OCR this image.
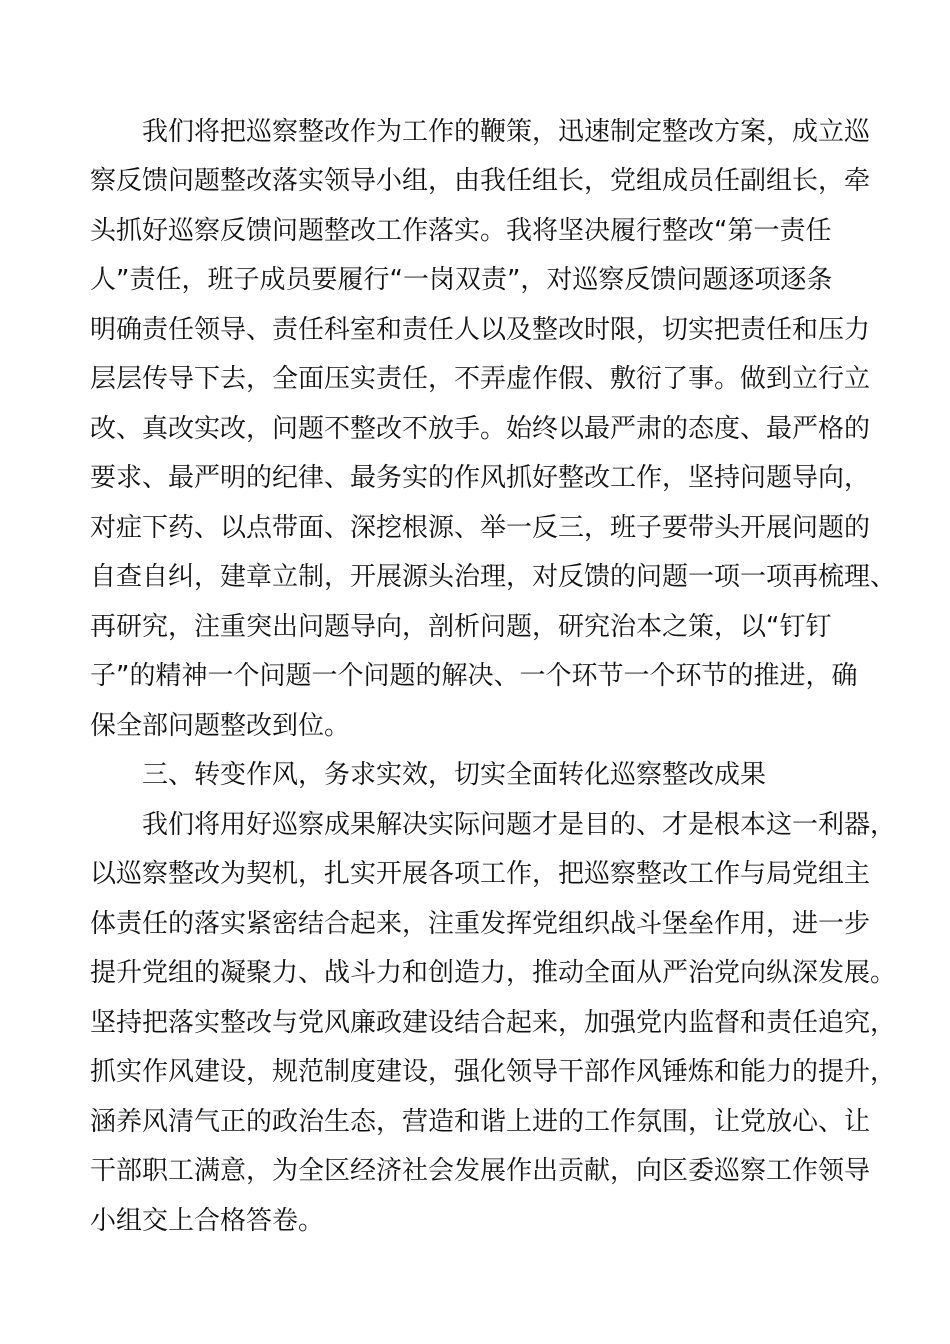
我们将把巡察整改作为工作的鞭策，迅速制定整改方案，成立巡
察反馈问题整改落实领导小组，由我任组长，党组成员任副组长，牵
头抓好巡察反馈问题整改工作落实。我将坚决履行整改“第一责任
人”责任，班子成员要履行“一岗双责”，对巡察反馈问题逐项逐条
明确责任领导、责任科室和责任人以及整改时限，切实把责任和压力
层层传导下去，全面压实责任，不弄虚作假、敷衍了事。做到立行立
改、真改实改，问题不整改不放手。始终以最严肃的态度、最严格的
要求、最严明的纪律、最务实的作风抓好整改工作，坚持问题导向，
对症下药、以点带面、深挖根源、举一反三，班子要带头开展问题的
自查自纠，建章立制，开展源头治理，对反馈的问题一项一项再梳理、
再研究，注重突出问题导向，剖析问题，研究治本之策，以“钉钉
子”的精神一个问题一个问题的解决、一个环节一个环节的推进，确
保全部问题整改到位。
三、转变作风，务求实效，切实全面转化巡察整改成果
我们将用好巡察成果解决实际问题才是目的、才是根本这一利器，
以巡察整改为契机，扎实开展各项工作，把巡察整改工作与局党组主
体责任的落实紧密结合起来，注重发挥党组织战斗堡垒作用，进一步
提升党组的凝聚力、战斗力和创造力，推动全面从严治党向纵深发展。
坚持把落实整改与党风廉政建设结合起来，加强党内监督和责任追究，
抓实作风建设，规范制度建设，强化领导干部作风锤炼和能力的提升，
涵养风清气正的政治生态，营造和谐上进的工作氛围，让党放心、让
干部职工满意，为全区经济社会发展作出贡献，向区委巡察工作领导
小组交上合格答卷。
